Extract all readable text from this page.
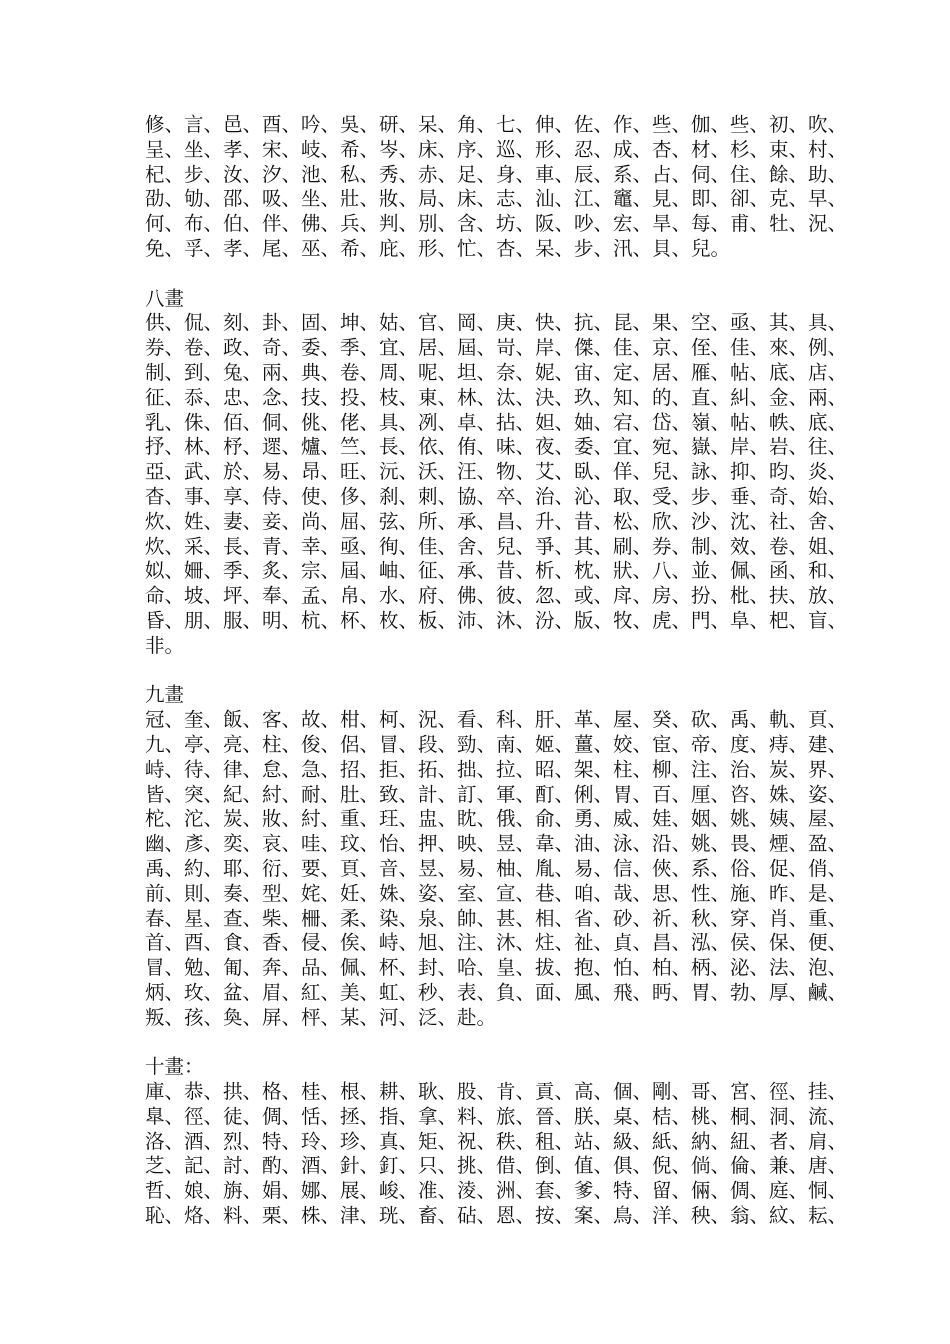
修、言、邑、酉、吟、吳、研、呆、角、七、伸、佐、作、些、伽、些、初、吹、
呈、坐、孝、宋、岐、希、岑、床、序、巡、形、忍、成、杏、材、杉、束、村、
杞、步、汝、汐、池、私、秀、赤、足、身、車、辰、系、占、伺、住、餘、助、
劭、劬、邵、吸、坐、壯、妝、局、床、志、汕、江、竈、見、即、卻、克、早、
何、布、伯、伴、佛、兵、判、別、含、坊、阪、吵、宏、旱、每、甫、牡、況、
免、孚、孝、尾、巫、希、庇、形、忙、杏、呆、步、汛、貝、兒。
八畫
供、侃、刻、卦、固、坤、姑、官、岡、庚、快、抗、昆、果、空、亟、其、具、
券、卷、政、奇、委、季、宜、居、屆、岢、岸、傑、佳、京、侄、佳、來、例、
制、到、兔、兩、典、卷、周、呢、坦、奈、妮、宙、定、居、雁、帖、底、店、
征、忝、忠、念、技、投、枝、東、林、汰、決、玖、知、的、直、糾、金、兩、
乳、侏、佰、侗、佻、佬、具、冽、卓、拈、妲、妯、宕、岱、嶺、帖、帙、底、
抒、林、杼、遝、爐、竺、長、依、侑、味、夜、委、宜、宛、嶽、岸、岩、往、
亞、武、於、易、昂、旺、沅、沃、汪、物、艾、臥、佯、兒、詠、抑、昀、炎、
杳、事、享、侍、使、侈、刹、刺、協、卒、治、沁、取、受、步、垂、奇、始、
炊、姓、妻、妾、尚、屈、弦、所、承、昌、升、昔、松、欣、沙、沈、社、舍、
炊、采、長、青、幸、亟、徇、佳、舍、兒、爭、其、刷、券、制、效、卷、姐、
姒、姍、季、炙、宗、屆、岫、征、承、昔、析、枕、狀、八、並、佩、函、和、
命、坡、坪、奉、孟、帛、水、府、佛、彼、忽、或、戽、房、扮、枇、扶、放、
昏、朋、服、明、杭、杯、枚、板、沛、沐、汾、版、牧、虎、門、阜、杷、盲、
非。
九畫
冠、奎、飯、客、故、柑、柯、況、看、科、肝、革、屋、癸、砍、禹、軌、頁、
九、亭、亮、柱、俊、侶、冒、段、勁、南、姬、薑、姣、宦、帝、度、痔、建、
峙、待、律、怠、急、招、拒、拓、拙、拉、昭、架、柱、柳、注、治、炭、界、
皆、突、紀、紂、耐、肚、致、計、訂、軍、酊、俐、胃、百、厘、咨、姝、姿、
柁、沱、炭、妝、紂、重、玨、盅、眈、俄、俞、勇、威、娃、姻、姚、姨、屋、
幽、彥、奕、哀、哇、玟、怡、押、映、昱、韋、油、泳、沿、姚、畏、煙、盈、
禹、約、耶、衍、要、頁、音、昱、易、柚、胤、易、信、俠、系、俗、促、俏、
前、則、奏、型、姹、妊、姝、姿、室、宣、巷、咱、哉、思、性、施、昨、是、
春、星、查、柴、柵、柔、染、泉、帥、甚、相、省、砂、祈、秋、穿、肖、重、
首、酉、食、香、侵、俟、峙、旭、注、沐、炷、祉、貞、昌、泓、侯、保、便、
冒、勉、匍、奔、品、佩、杯、封、哈、皇、拔、抱、怕、柏、柄、泌、法、泡、
炳、玫、盆、眉、紅、美、虹、秒、表、負、面、風、飛、眄、胃、勃、厚、鹹、
叛、孩、奐、屏、枰、某、河、泛、赴。
十畫：
庫、恭、拱、格、桂、根、耕、耿、股、肯、貢、高、個、剛、哥、宮、徑、挂、
臯、徑、徒、倜、恬、拯、指、拿、料、旅、晉、朕、桌、桔、桃、桐、洞、流、
洛、酒、烈、特、玲、珍、真、矩、祝、秩、租、站、級、紙、納、紐、者、肩、
芝、記、討、酌、酒、針、釘、只、挑、借、倒、值、俱、倪、倘、倫、兼、唐、
哲、娘、旃、娟、娜、展、峻、准、淩、洲、套、爹、特、留、倆、倜、庭、恫、
恥、烙、料、栗、株、津、珖、畜、砧、恩、按、案、鳥、洋、秧、翁、紋、耘、
